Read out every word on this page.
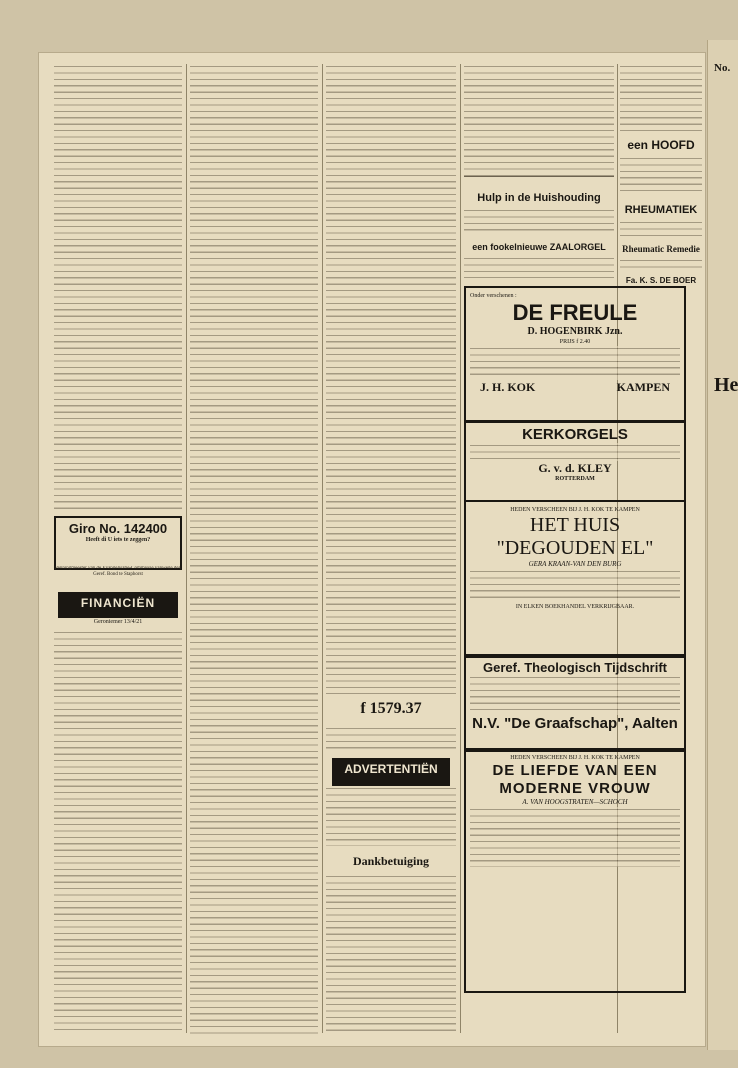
No.
He
Giro No. 142400
Heeft di U iets te zeggen?
Penningmeester van de Evangelisatie-Commissie vanwege den Geref. Bond te Staphorst
FINANCIËN
Geroniemer 13/4/21
f 1579.37
ADVERTENTIËN
Dankbetuiging
Hulp in de Huishouding
een fookelnieuwe ZAALORGEL
Onder verschenen :
DE FREULE
D. HOGENBIRK Jzn.
PRIJS f 2.40
J. H. KOK	KAMPEN
KERKORGELS
G. v. d. KLEY
ROTTERDAM
HEDEN VERSCHEEN BIJ J. H. KOK TE KAMPEN
HET HUIS
"DEGOUDEN EL"
GERA KRAAN-VAN DEN BURG
IN ELKEN BOEKHANDEL VERKRIJGBAAR.
Geref. Theologisch Tijdschrift
N.V. "De Graafschap", Aalten
HEDEN VERSCHEEN BIJ J. H. KOK TE KAMPEN
DE LIEFDE VAN EEN
MODERNE VROUW
A. VAN HOOGSTRATEN—SCHOCH
een HOOFD
RHEUMATIEK
Rheumatic Remedie
Fa. K. S. DE BOER
